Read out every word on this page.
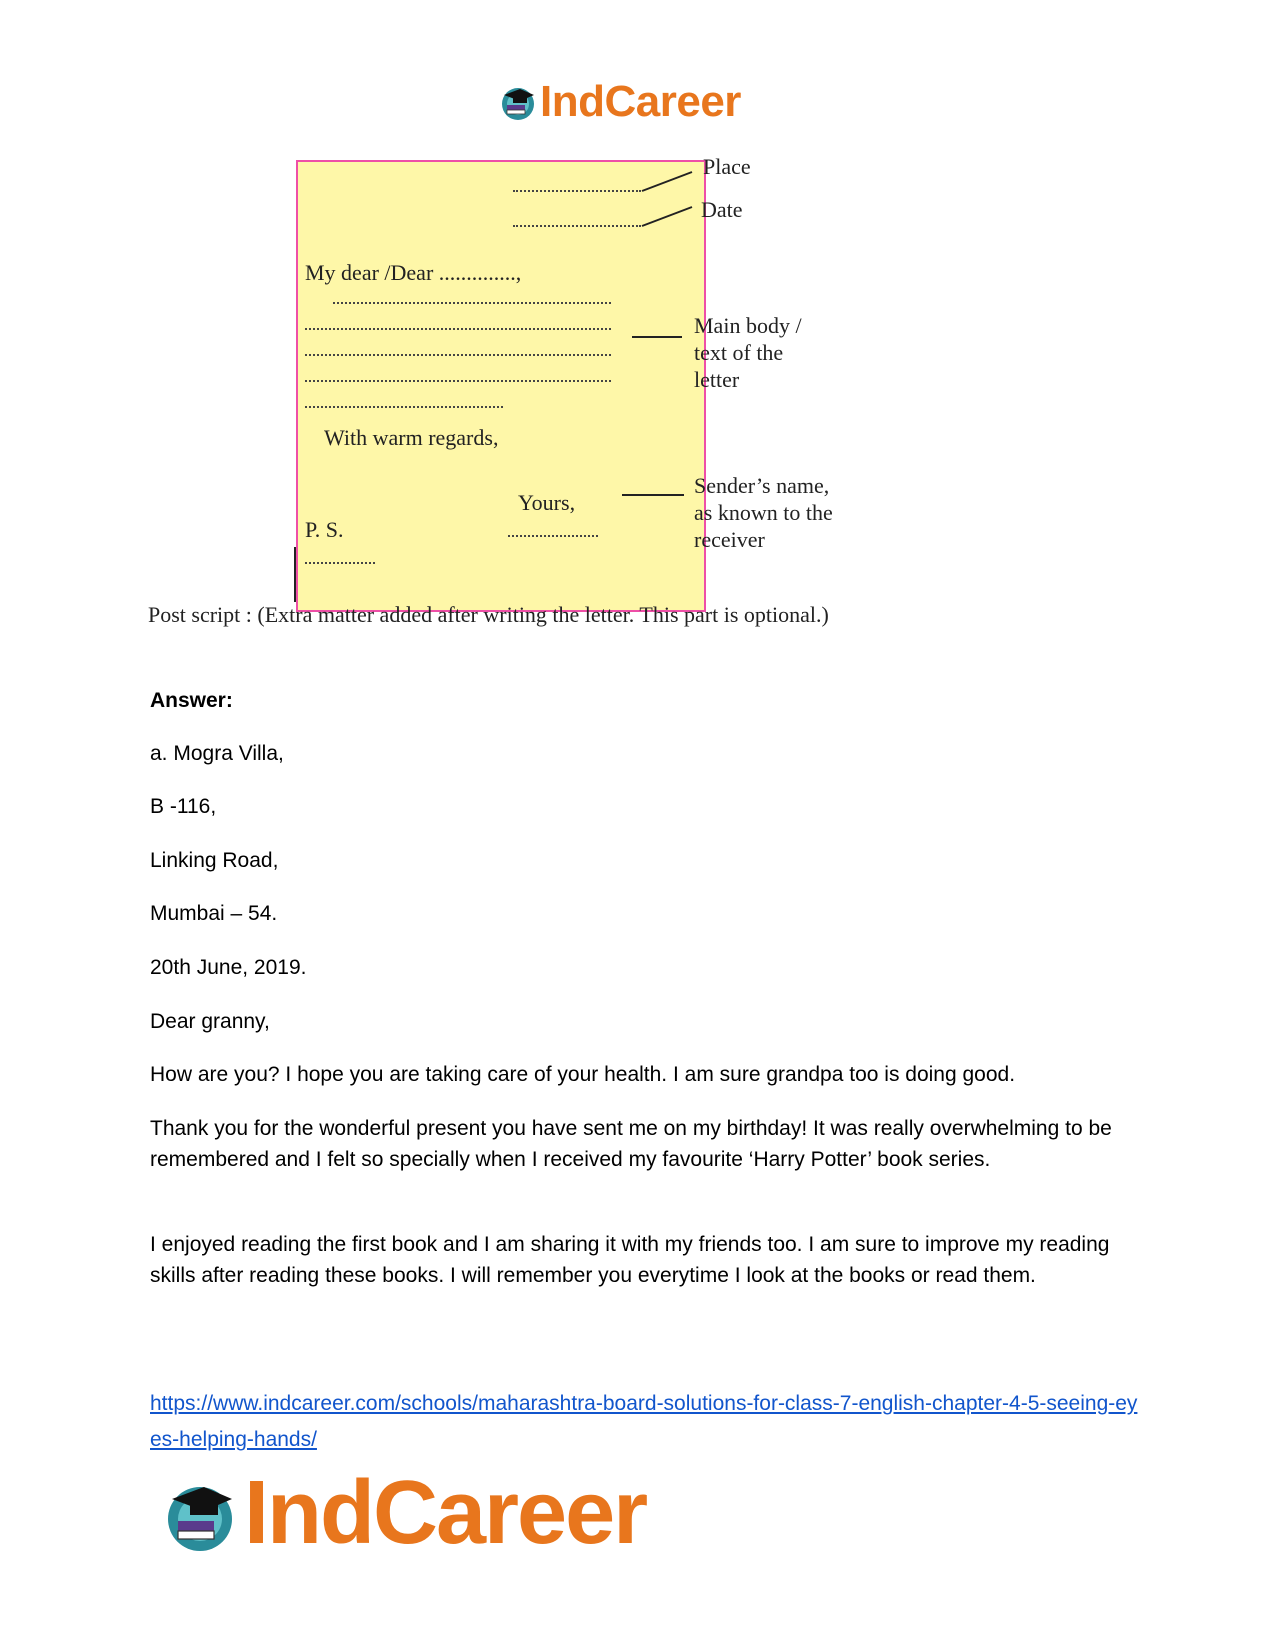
IndCareer
Place
Date
My dear /Dear ..............,
Main body /
text of the
letter
With warm regards,
Yours,
Sender’s name,
as known to the
receiver
P. S.
Post script : (Extra matter added after writing the letter. This part is optional.)
Answer:
a. Mogra Villa,
B -116,
Linking Road,
Mumbai – 54.
20th June, 2019.
Dear granny,
How are you? I hope you are taking care of your health. I am sure grandpa too is doing good.
Thank you for the wonderful present you have sent me on my birthday! It was really overwhelming to be remembered and I felt so specially when I received my favourite ‘Harry Potter’ book series.
I enjoyed reading the first book and I am sharing it with my friends too. I am sure to improve my reading skills after reading these books. I will remember you everytime I look at the books or read them.
https://www.indcareer.com/schools/maharashtra-board-solutions-for-class-7-english-chapter-4-5-seeing-eyes-helping-hands/
IndCareer
